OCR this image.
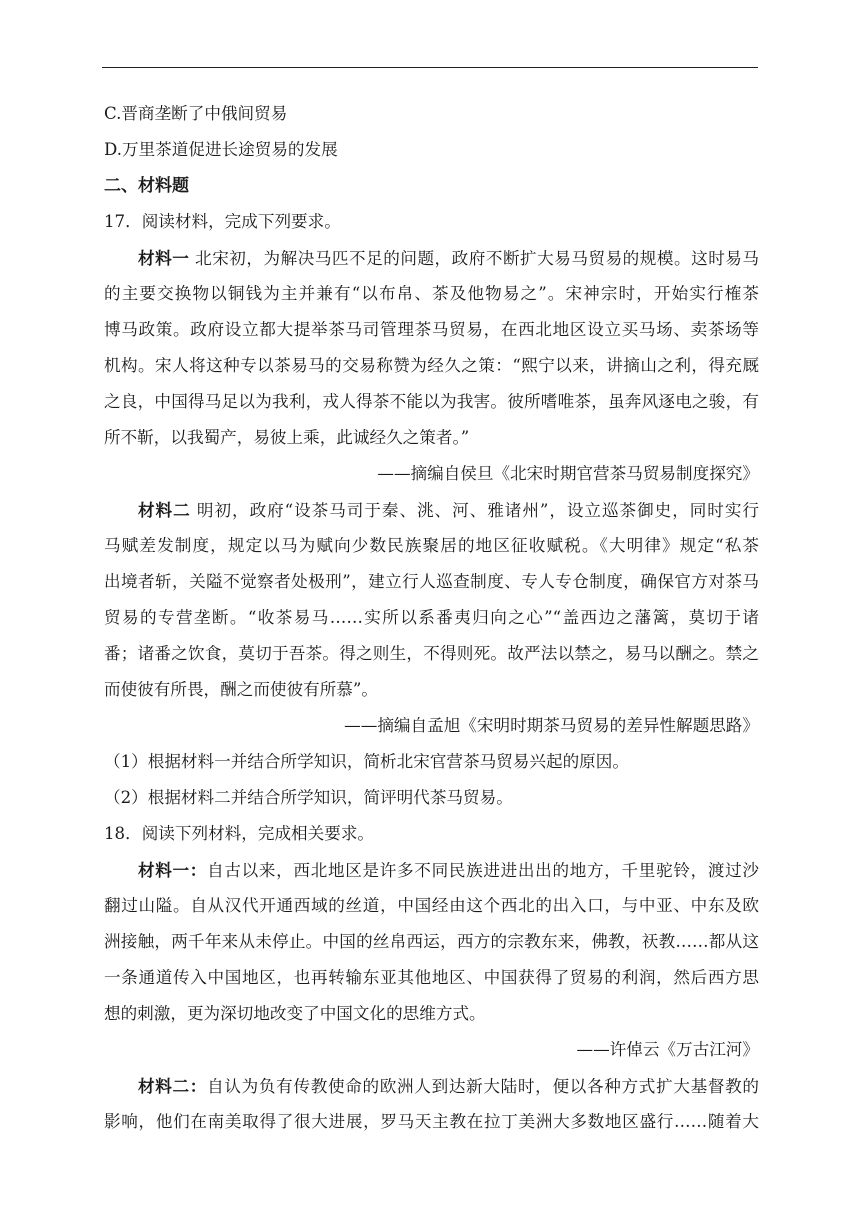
C.晋商垄断了中俄间贸易
D.万里茶道促进长途贸易的发展
二、材料题
17．阅读材料，完成下列要求。
材料一 北宋初，为解决马匹不足的问题，政府不断扩大易马贸易的规模。这时易马
的主要交换物以铜钱为主并兼有“以布帛、茶及他物易之”。宋神宗时，开始实行榷茶
博马政策。政府设立都大提举茶马司管理茶马贸易，在西北地区设立买马场、卖茶场等
机构。宋人将这种专以茶易马的交易称赞为经久之策：“熙宁以来，讲摘山之利，得充厩
之良，中国得马足以为我利，戎人得茶不能以为我害。彼所嗜唯茶，虽奔风逐电之骏，有
所不靳，以我蜀产，易彼上乘，此诚经久之策者。”
——摘编自侯旦《北宋时期官营茶马贸易制度探究》
材料二 明初，政府“设茶马司于秦、洮、河、雅诸州”，设立巡茶御史，同时实行
马赋差发制度，规定以马为赋向少数民族聚居的地区征收赋税。《大明律》规定“私茶
出境者斩，关隘不觉察者处极刑”，建立行人巡查制度、专人专仓制度，确保官方对茶马
贸易的专营垄断。“收茶易马……实所以系番夷归向之心”“盖西边之藩篱，莫切于诸
番；诸番之饮食，莫切于吾茶。得之则生，不得则死。故严法以禁之，易马以酬之。禁之
而使彼有所畏，酬之而使彼有所慕”。
——摘编自孟旭《宋明时期茶马贸易的差异性解题思路》
（1）根据材料一并结合所学知识，简析北宋官营茶马贸易兴起的原因。
（2）根据材料二并结合所学知识，简评明代茶马贸易。
18．阅读下列材料，完成相关要求。
材料一：自古以来，西北地区是许多不同民族进进出出的地方，千里驼铃，渡过沙
翻过山隘。自从汉代开通西域的丝道，中国经由这个西北的出入口，与中亚、中东及欧
洲接触，两千年来从未停止。中国的丝帛西运，西方的宗教东来，佛教，祆教……都从这
一条通道传入中国地区，也再转输东亚其他地区、中国获得了贸易的利润，然后西方思
想的刺激，更为深切地改变了中国文化的思维方式。
——许倬云《万古江河》
材料二：自认为负有传教使命的欧洲人到达新大陆时，便以各种方式扩大基督教的
影响，他们在南美取得了很大进展，罗马天主教在拉丁美洲大多数地区盛行……随着大
